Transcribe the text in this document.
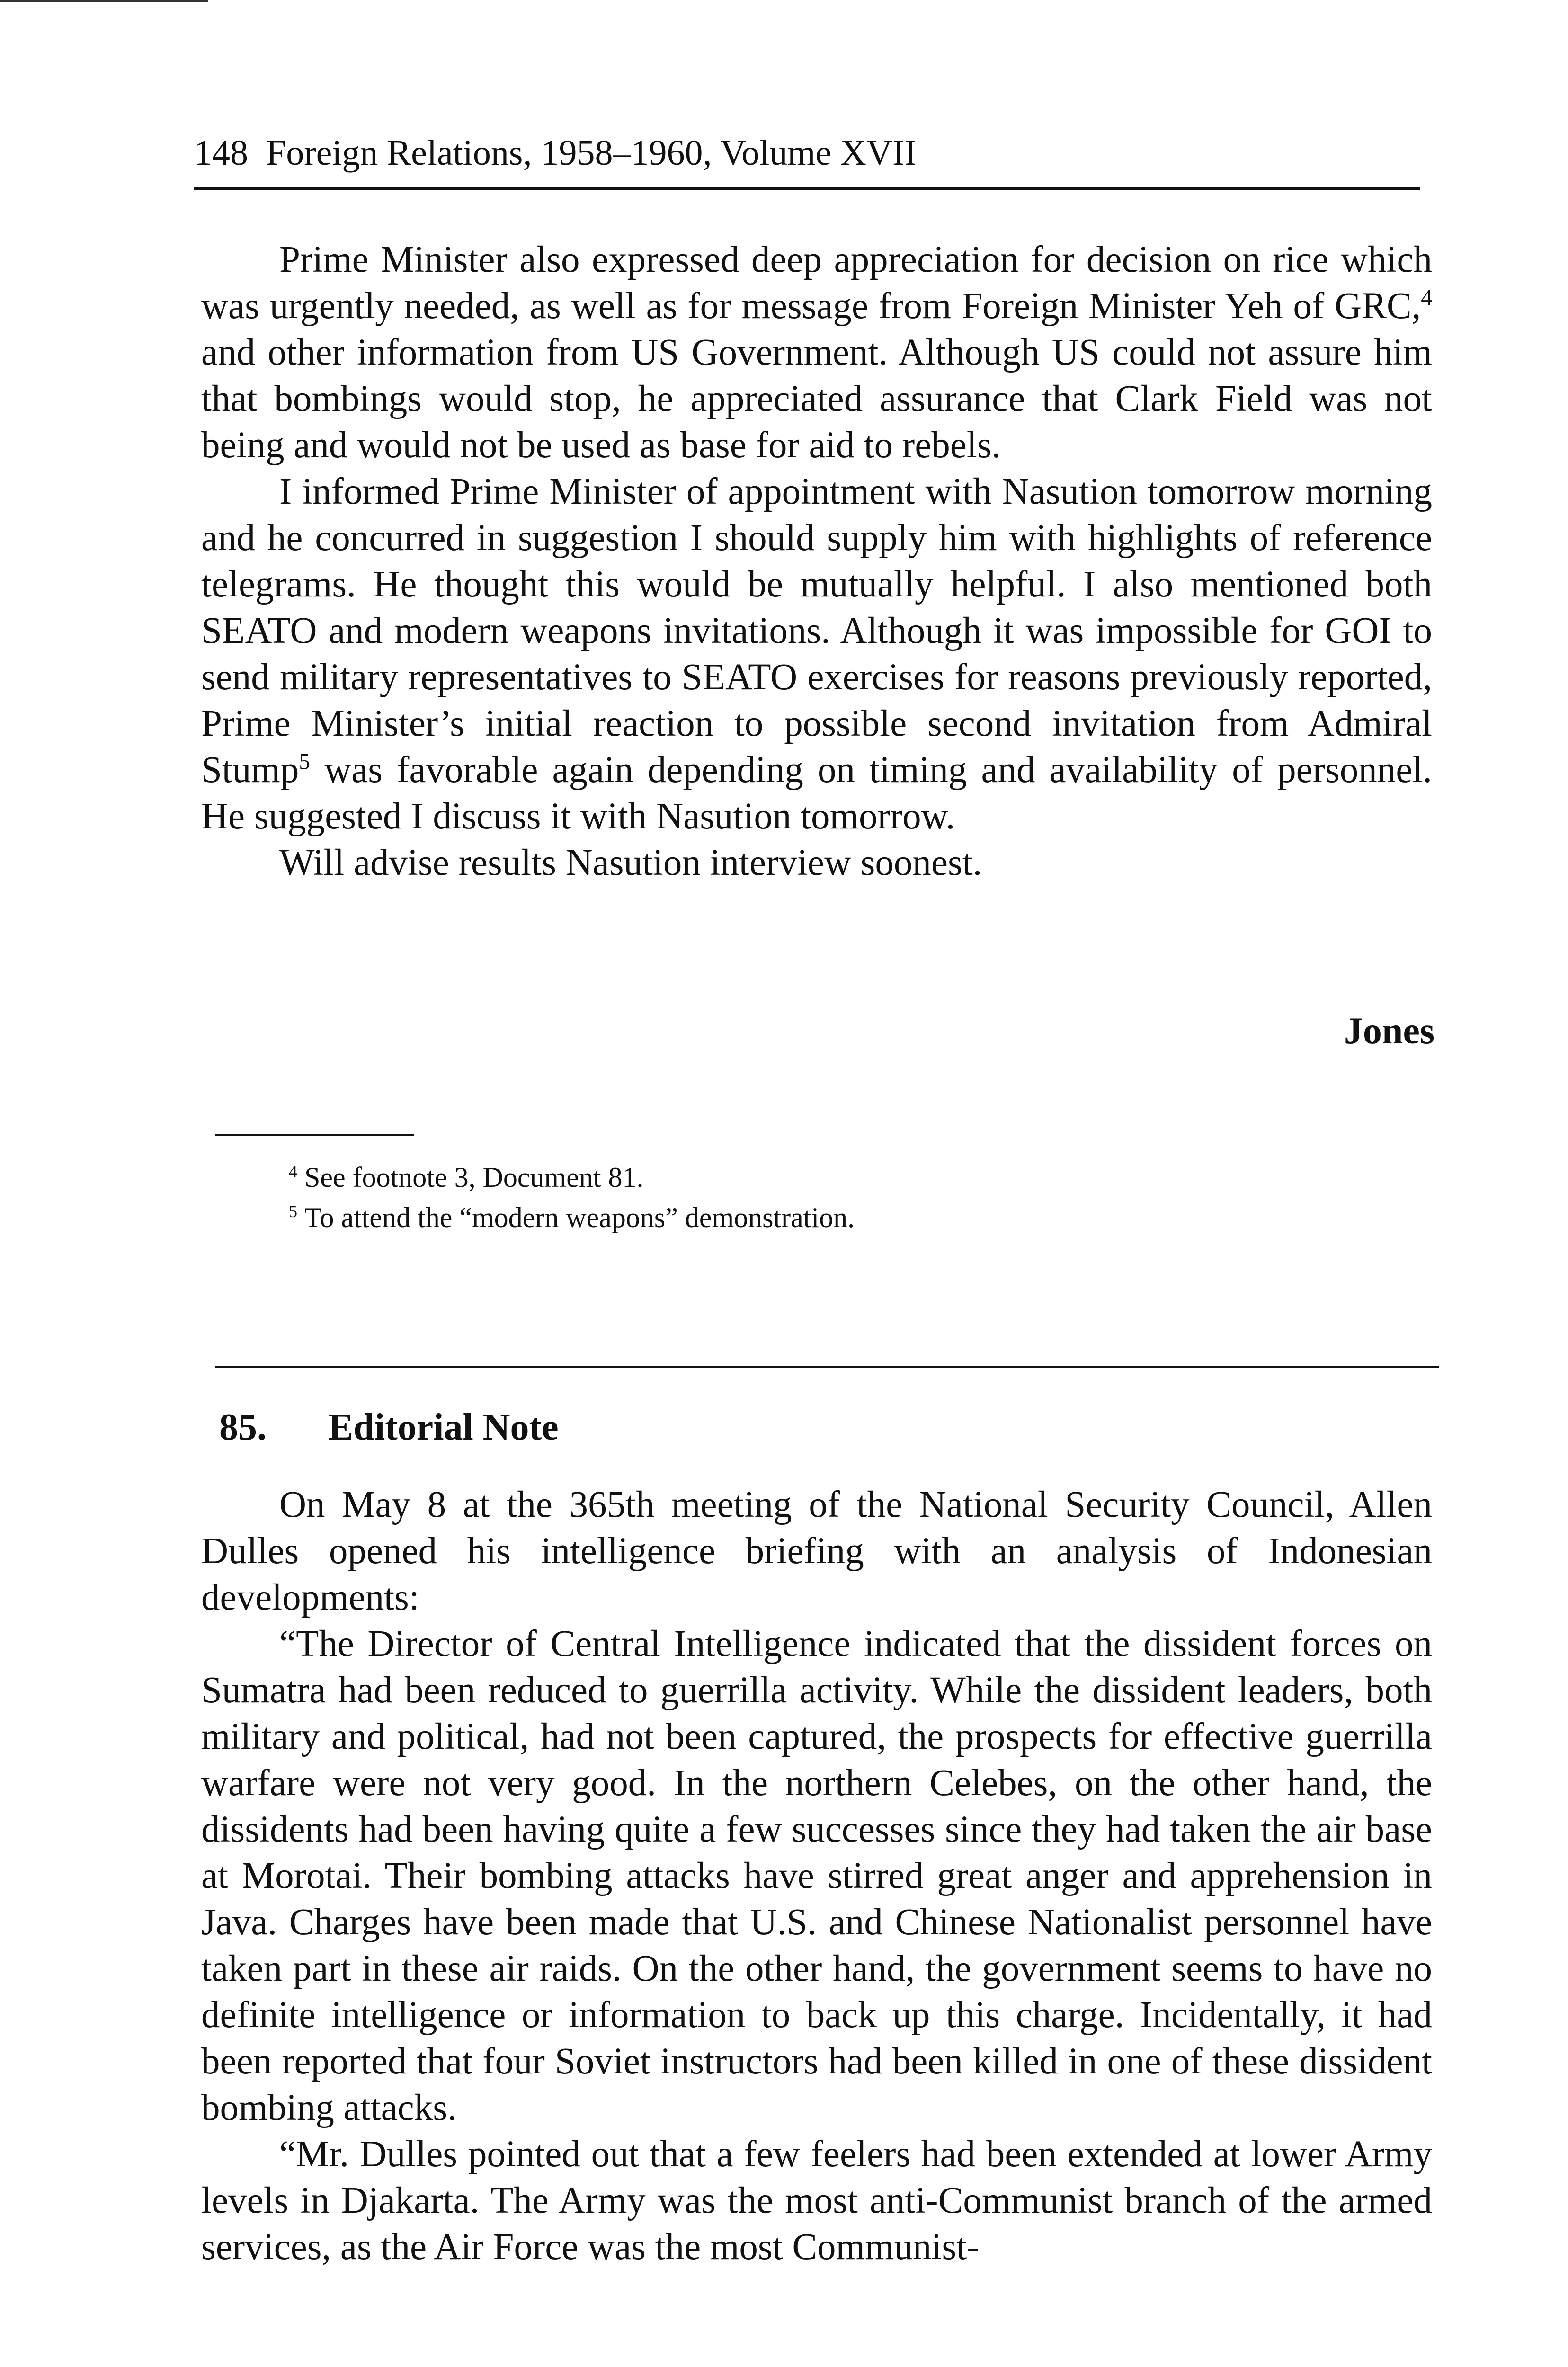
148 Foreign Relations, 1958–1960, Volume XVII

Prime Minister also expressed deep appreciation for decision on rice which was urgently needed, as well as for message from Foreign Minister Yeh of GRC,$^4$ and other information from US Government. Although US could not assure him that bombings would stop, he appreciated assurance that Clark Field was not being and would not be used as base for aid to rebels.

I informed Prime Minister of appointment with Nasution tomorrow morning and he concurred in suggestion I should supply him with highlights of reference telegrams. He thought this would be mutually helpful. I also mentioned both SEATO and modern weapons invitations. Although it was impossible for GOI to send military representatives to SEATO exercises for reasons previously reported, Prime Minister’s initial reaction to possible second invitation from Admiral Stump$^5$ was favorable again depending on timing and availability of personnel. He suggested I discuss it with Nasution tomorrow.

Will advise results Nasution interview soonest.

Jones

$^4$ See footnote 3, Document 81.

$^5$ To attend the “modern weapons” demonstration.

85. Editorial Note

On May 8 at the 365th meeting of the National Security Council, Allen Dulles opened his intelligence briefing with an analysis of Indonesian developments:

“The Director of Central Intelligence indicated that the dissident forces on Sumatra had been reduced to guerrilla activity. While the dissident leaders, both military and political, had not been captured, the prospects for effective guerrilla warfare were not very good. In the northern Celebes, on the other hand, the dissidents had been having quite a few successes since they had taken the air base at Morotai. Their bombing attacks have stirred great anger and apprehension in Java. Charges have been made that U.S. and Chinese Nationalist personnel have taken part in these air raids. On the other hand, the government seems to have no definite intelligence or information to back up this charge. Incidentally, it had been reported that four Soviet instructors had been killed in one of these dissident bombing attacks.

“Mr. Dulles pointed out that a few feelers had been extended at lower Army levels in Djakarta. The Army was the most anti-Communist branch of the armed services, as the Air Force was the most Communist-
